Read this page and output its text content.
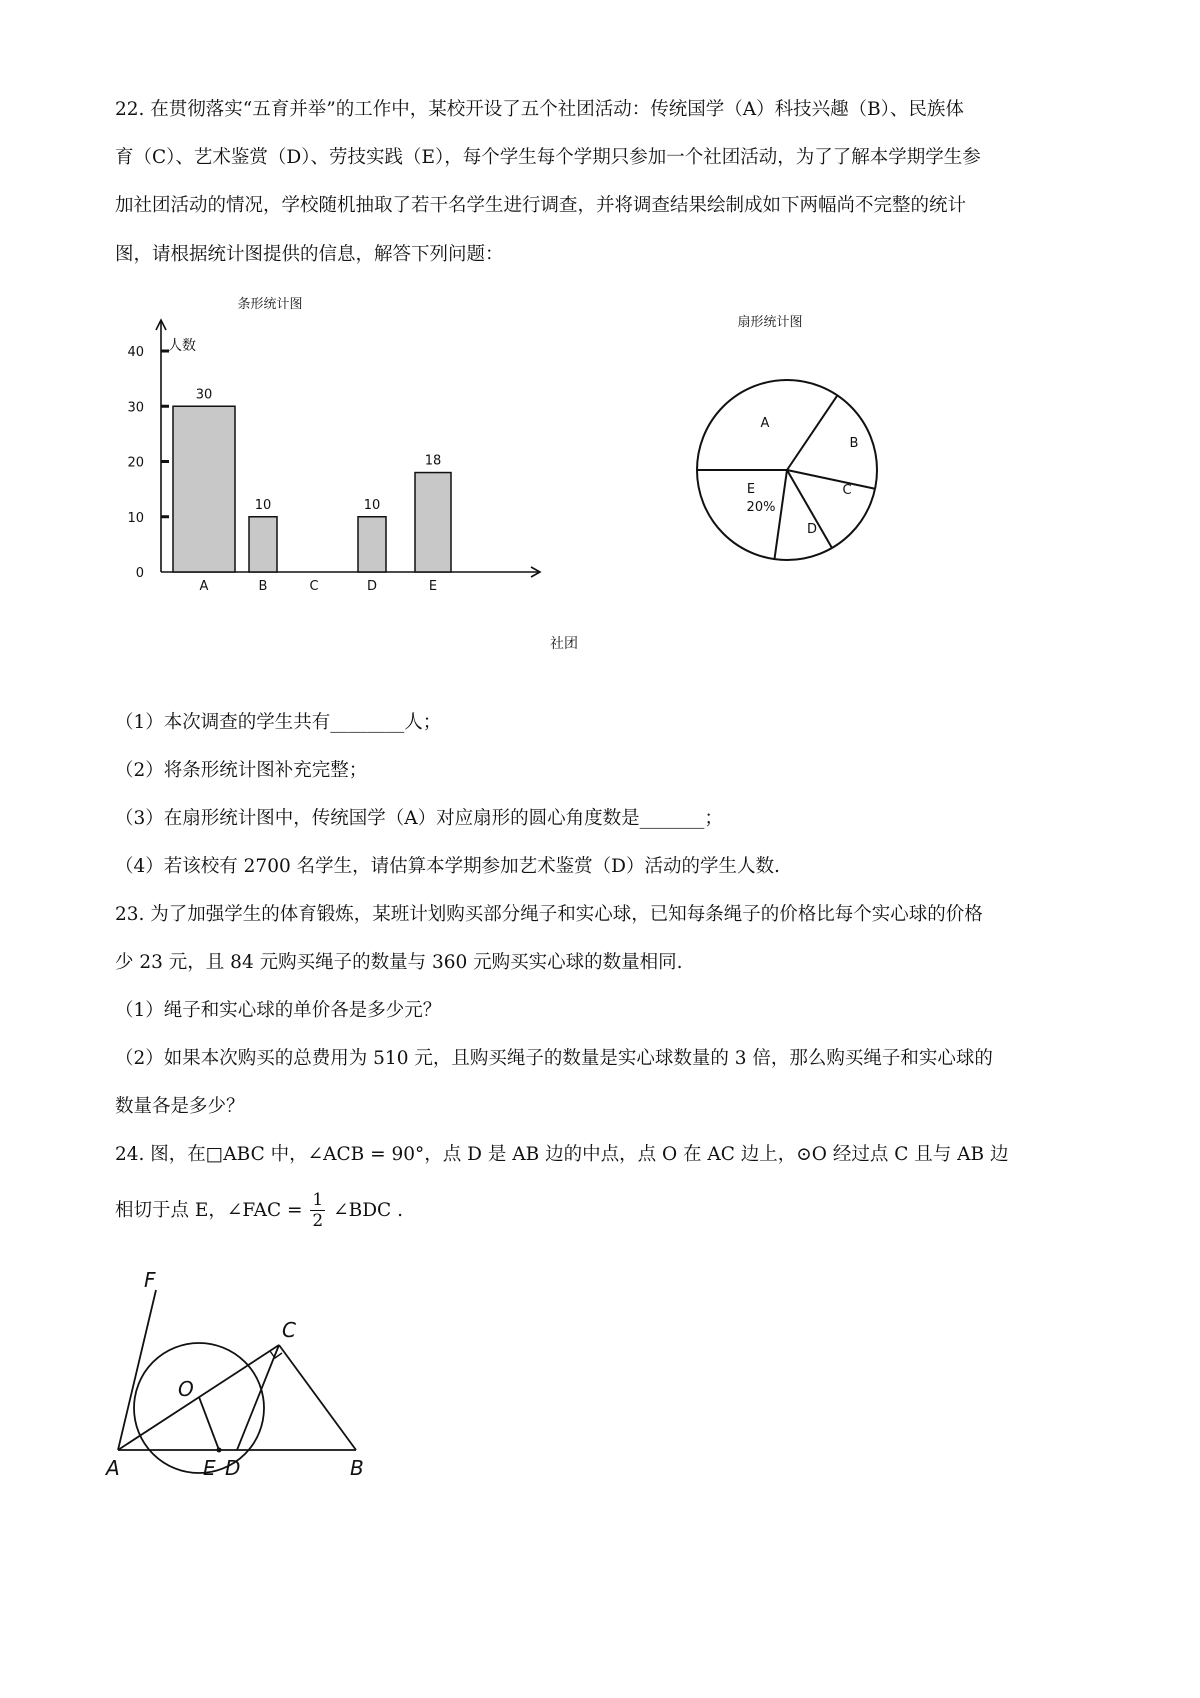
22. 在贯彻落实“五育并举”的工作中，某校开设了五个社团活动：传统国学（A）科技兴趣（B）、民族体
育（C）、艺术鉴赏（D）、劳技实践（E），每个学生每个学期只参加一个社团活动，为了了解本学期学生参
加社团活动的情况，学校随机抽取了若干名学生进行调查，并将调查结果绘制成如下两幅尚不完整的统计
图，请根据统计图提供的信息，解答下列问题：
条形统计图
人数
社团
0
10
20
30
40
A	B	C	D	E
30
10	10
18
扇形统计图
A
B
C
D
E
20%
（1）本次调查的学生共有________人；
（2）将条形统计图补充完整；
（3）在扇形统计图中，传统国学（A）对应扇形的圆心角度数是_______；
（4）若该校有 2700 名学生，请估算本学期参加艺术鉴赏（D）活动的学生人数.
23. 为了加强学生的体育锻炼，某班计划购买部分绳子和实心球，已知每条绳子的价格比每个实心球的价格
少 23 元，且 84 元购买绳子的数量与 360 元购买实心球的数量相同.
（1）绳子和实心球的单价各是多少元？
（2）如果本次购买的总费用为 510 元，且购买绳子的数量是实心球数量的 3 倍，那么购买绳子和实心球的
数量各是多少？
24. 图，在□ABC 中，∠ACB = 90°，点 D 是 AB 边的中点，点 O 在 AC 边上，⊙O 经过点 C 且与 AB 边
相切于点 E，∠FAC = $\frac{1}{2}$ ∠BDC .
F
C
O
A	E D	B
